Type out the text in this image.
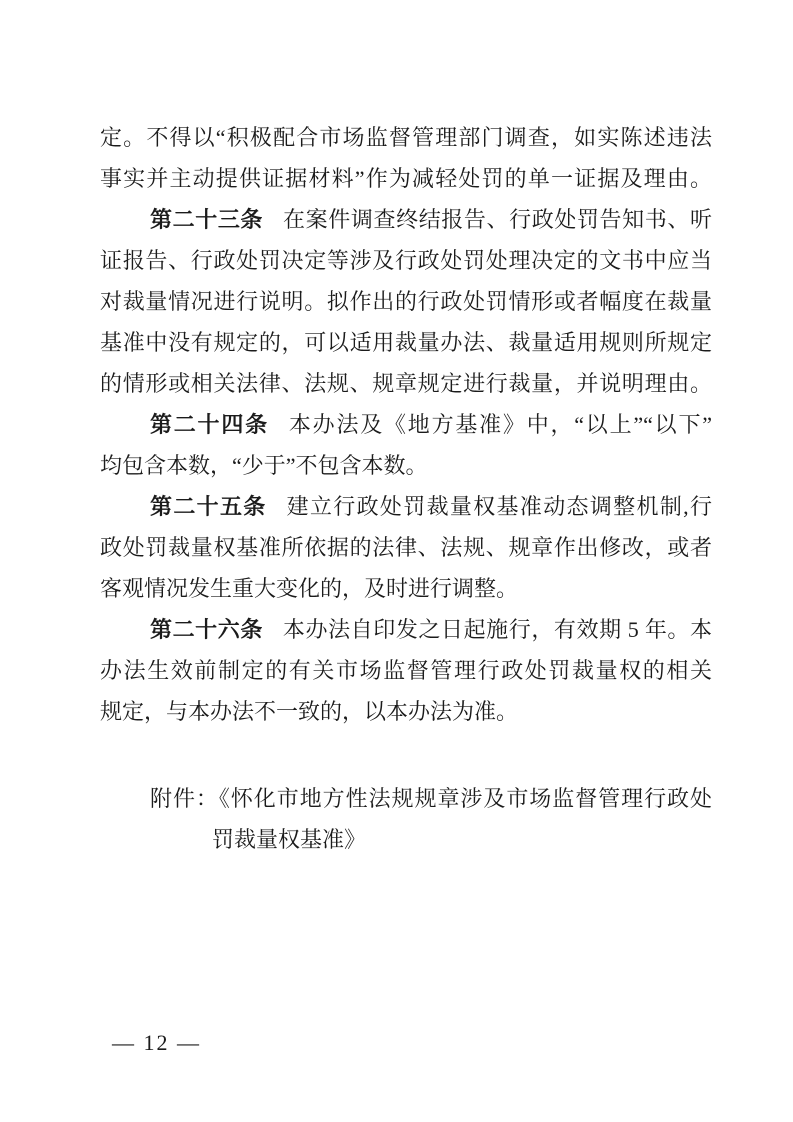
定。不得以“积极配合市场监督管理部门调查，如实陈述违法
事实并主动提供证据材料”作为减轻处罚的单一证据及理由。
第二十三条 在案件调查终结报告、行政处罚告知书、听
证报告、行政处罚决定等涉及行政处罚处理决定的文书中应当
对裁量情况进行说明。拟作出的行政处罚情形或者幅度在裁量
基准中没有规定的，可以适用裁量办法、裁量适用规则所规定
的情形或相关法律、法规、规章规定进行裁量，并说明理由。
第二十四条 本办法及《地方基准》中，“以上”“以下”
均包含本数，“少于”不包含本数。
第二十五条 建立行政处罚裁量权基准动态调整机制,行
政处罚裁量权基准所依据的法律、法规、规章作出修改，或者
客观情况发生重大变化的，及时进行调整。
第二十六条 本办法自印发之日起施行，有效期 5 年。本
办法生效前制定的有关市场监督管理行政处罚裁量权的相关
规定，与本办法不一致的，以本办法为准。
附件：《怀化市地方性法规规章涉及市场监督管理行政处
罚裁量权基准》
— 12 —
